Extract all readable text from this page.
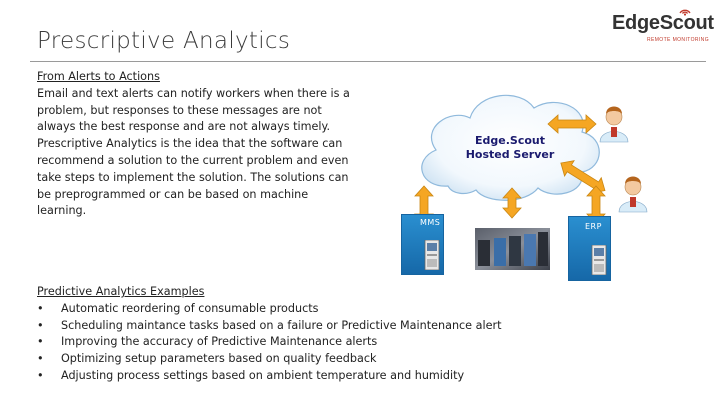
Prescriptive Analytics
EdgeScout
REMOTE MONITORING
From Alerts to Actions
Email and text alerts can notify workers when there is a problem, but responses to these messages are not always the best response and are not always timely. Prescriptive Analytics is the idea that the software can recommend a solution to the current problem and even take steps to implement the solution. The solutions can be preprogrammed or can be based on machine learning.
Edge.Scout
Hosted Server
MMS	ERP
Predictive Analytics Examples
• Automatic reordering of consumable products
• Scheduling maintance tasks based on a failure or Predictive Maintenance alert
• Improving the accuracy of Predictive Maintenance alerts
• Optimizing setup parameters based on quality feedback
• Adjusting process settings based on ambient temperature and humidity
